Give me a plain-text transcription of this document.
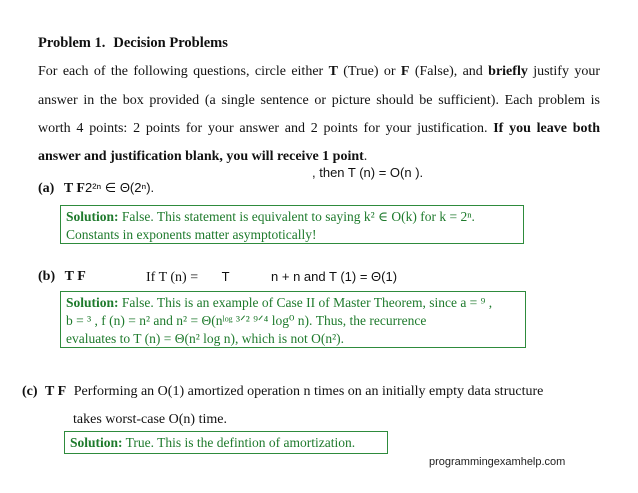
Problem 1. Decision Problems
For each of the following questions, circle either T (True) or F (False), and briefly justify your
answer in the box provided (a single sentence or picture should be sufficient). Each problem is
worth 4 points: 2 points for your answer and 2 points for your justification. If you leave both
answer and justification blank, you will receive 1 point.
, then T (n) = O(n ).
(a) T F2²ⁿ ∈ Θ(2ⁿ).
Solution: False. This statement is equivalent to saying k² ∈ O(k) for k = 2ⁿ.
Constants in exponents matter asymptotically!
(b) T F	If T (n) = T	n + n and T (1) = Θ(1)
Solution: False. This is an example of Case II of Master Theorem, since a = ⁹ ,
b = ³ , f (n) = n² and n² = Θ(nˡᵒᵍ ³ᐟ² ⁹ᐟ⁴ log⁰ n). Thus, the recurrence
evaluates to T (n) = Θ(n² log n), which is not O(n²).
(c) T F Performing an O(1) amortized operation n times on an initially empty data structure
takes worst-case O(n) time.
Solution: True. This is the defintion of amortization.
programmingexamhelp.com
